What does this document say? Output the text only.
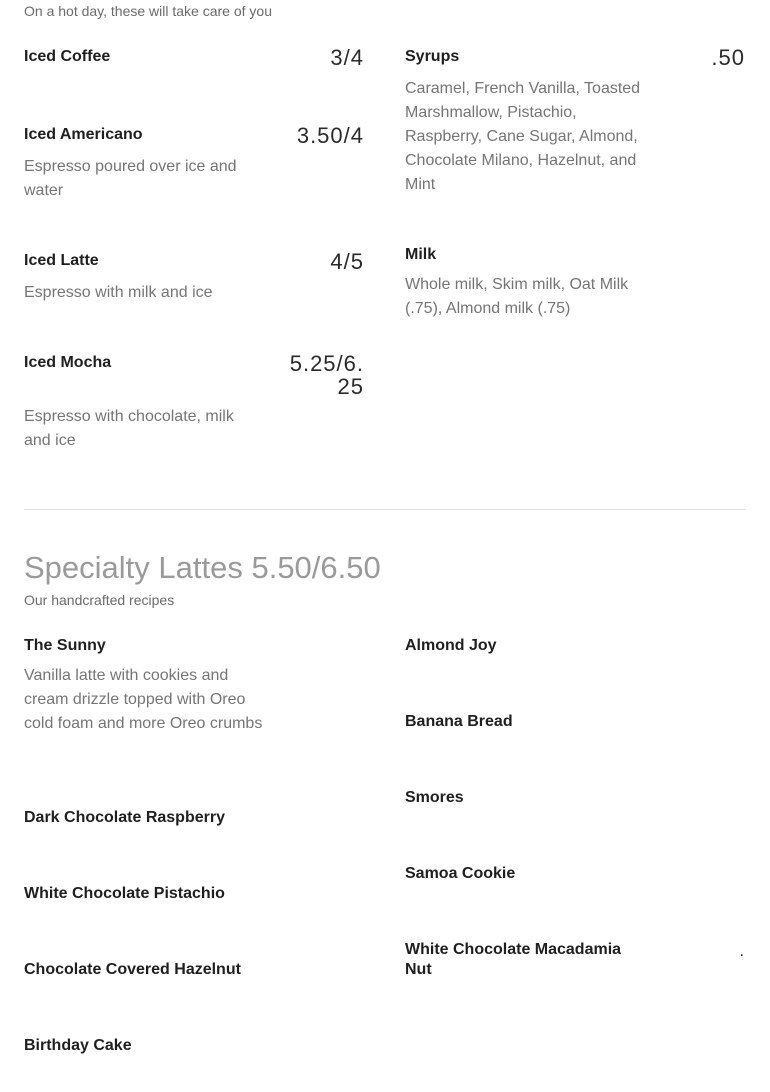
On a hot day, these will take care of you
Iced Coffee	3/4
Iced Americano	3.50/4
Espresso poured over ice and water
Iced Latte	4/5
Espresso with milk and ice
Iced Mocha	5.25/6.25
Espresso with chocolate, milk and ice
Syrups	.50
Caramel, French Vanilla, Toasted Marshmallow, Pistachio, Raspberry, Cane Sugar, Almond, Chocolate Milano, Hazelnut, and Mint
Milk
Whole milk, Skim milk, Oat Milk (.75), Almond milk (.75)
Specialty Lattes 5.50/6.50
Our handcrafted recipes
The Sunny
Vanilla latte with cookies and cream drizzle topped with Oreo cold foam and more Oreo crumbs
Dark Chocolate Raspberry
White Chocolate Pistachio
Chocolate Covered Hazelnut
Birthday Cake
Almond Joy
Banana Bread
Smores
Samoa Cookie
White Chocolate Macadamia Nut
.
